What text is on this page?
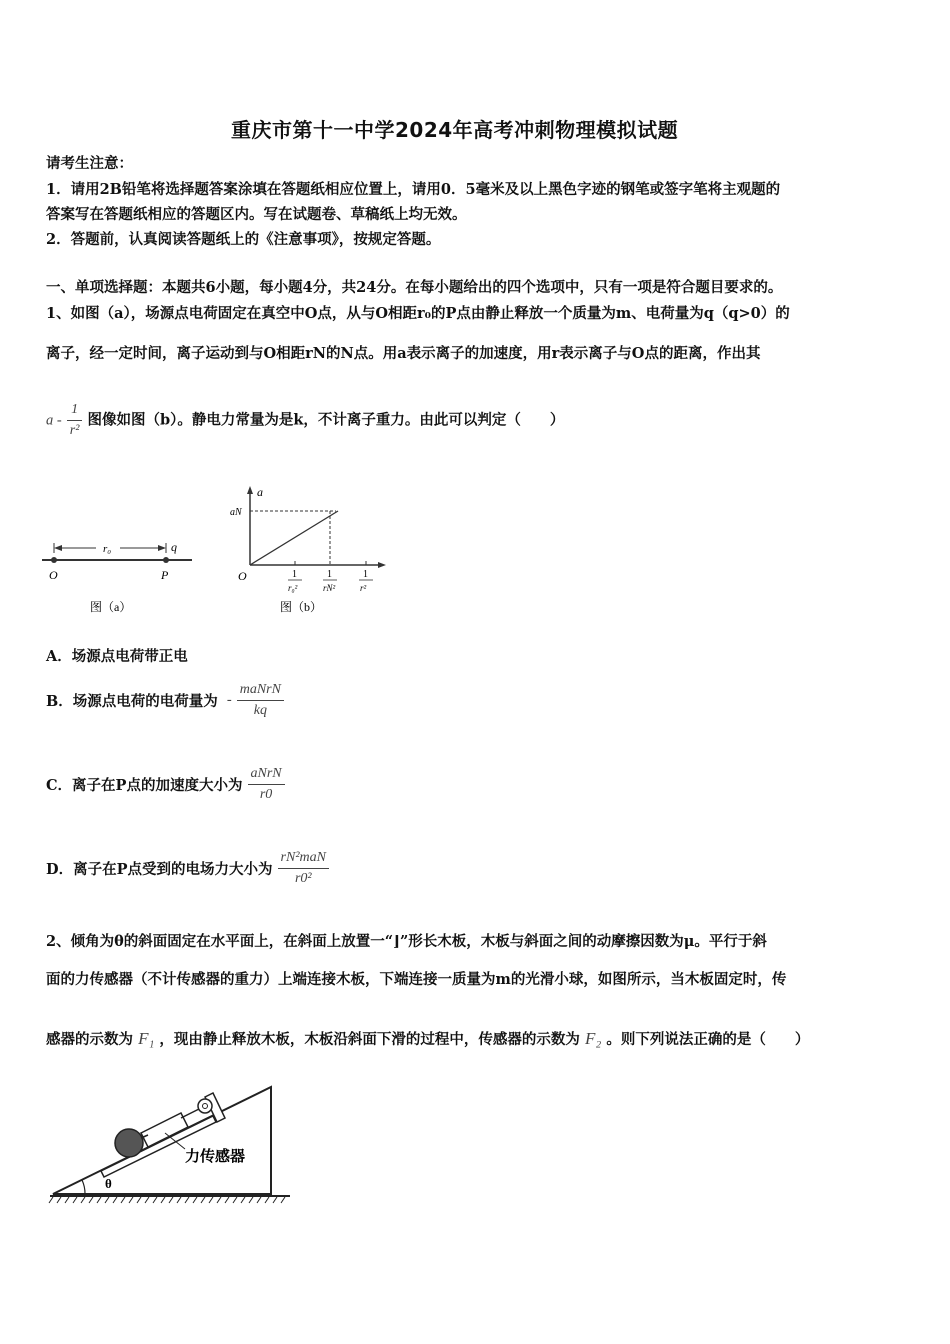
重庆市第十一中学2024年高考冲刺物理模拟试题
请考生注意：
1．请用2B铅笔将选择题答案涂填在答题纸相应位置上，请用0．5毫米及以上黑色字迹的钢笔或签字笔将主观题的
答案写在答题纸相应的答题区内。写在试题卷、草稿纸上均无效。
2．答题前，认真阅读答题纸上的《注意事项》，按规定答题。
一、单项选择题：本题共6小题，每小题4分，共24分。在每小题给出的四个选项中，只有一项是符合题目要求的。
1、如图（a），场源点电荷固定在真空中O点，从与O相距r₀的P点由静止释放一个质量为m、电荷量为q（q>0）的
离子，经一定时间，离子运动到与O相距rN的N点。用a表示离子的加速度，用r表示离子与O点的距离，作出其
a - $\frac{1}{\text{r²}}$ 图像如图（b）。静电力常量为是k，不计离子重力。由此可以判定（　　）
r₀	q
O	P
图（a）
a
aN
O	1
r₀²
1
rN²
1
r²
图（b）
A．场源点电荷带正电
B．场源点电荷的电荷量为 - $\frac{\text{maNrN}}{kq}$
C．离子在P点的加速度大小为 $\frac{\text{aNrN}}{r0}$
D．离子在P点受到的电场力大小为 $\frac{\text{rN²maN}}{\text{r0²}}$
2、倾角为θ的斜面固定在水平面上，在斜面上放置一“⌋”形长木板，木板与斜面之间的动摩擦因数为μ。平行于斜
面的力传感器（不计传感器的重力）上端连接木板，下端连接一质量为m的光滑小球，如图所示，当木板固定时，传
感器的示数为 F₁ ，现由静止释放木板，木板沿斜面下滑的过程中，传感器的示数为 F₂ 。则下列说法正确的是（　　）
力传感器
θ
